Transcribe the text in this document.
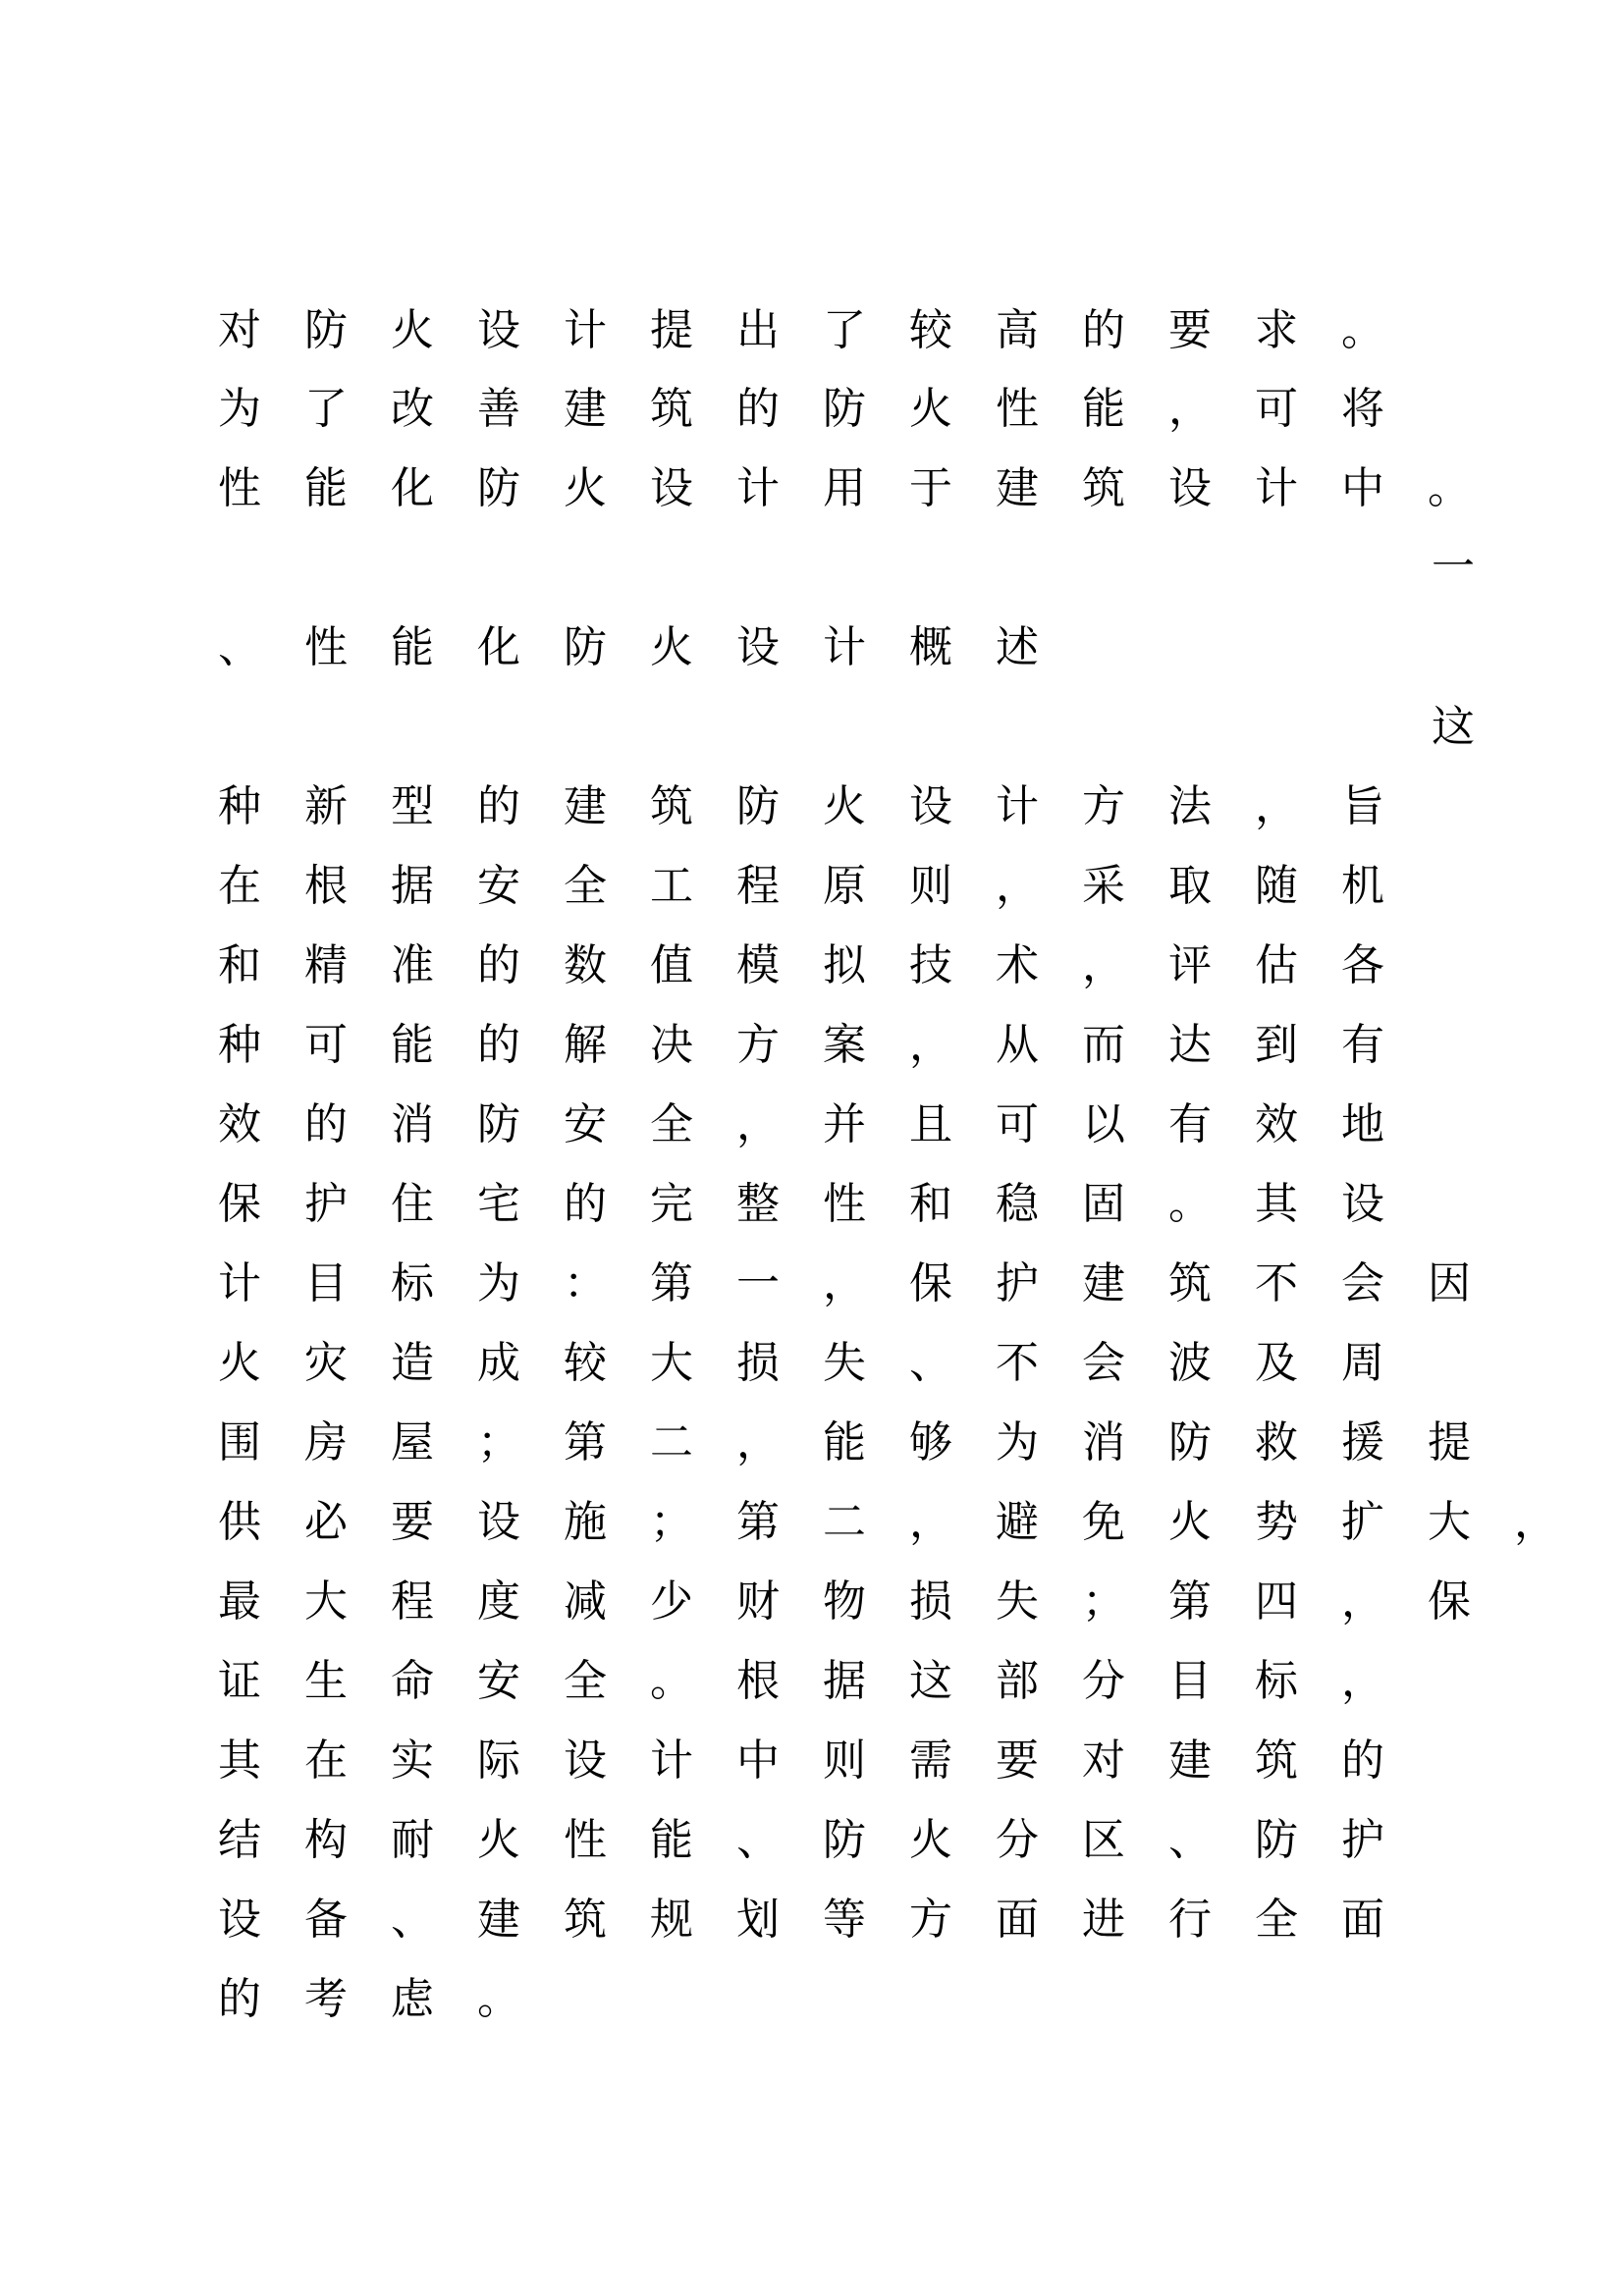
对防火设计提出了较高的要求。
为了改善建筑的防火性能，可将
性能化防火设计用于建筑设计中。
一
、性能化防火设计概述
这
种新型的建筑防火设计方法，旨
在根据安全工程原则，采取随机
和精准的数值模拟技术，评估各
种可能的解决方案，从而达到有
效的消防安全，并且可以有效地
保护住宅的完整性和稳固。其设
计目标为：第一，保护建筑不会因
火灾造成较大损失、不会波及周
围房屋；第二，能够为消防救援提
供必要设施；第二，避免火势扩大，
最大程度减少财物损失；第四，保
证生命安全。根据这部分目标，
其在实际设计中则需要对建筑的
结构耐火性能、防火分区、防护
设备、建筑规划等方面进行全面
的考虑。
